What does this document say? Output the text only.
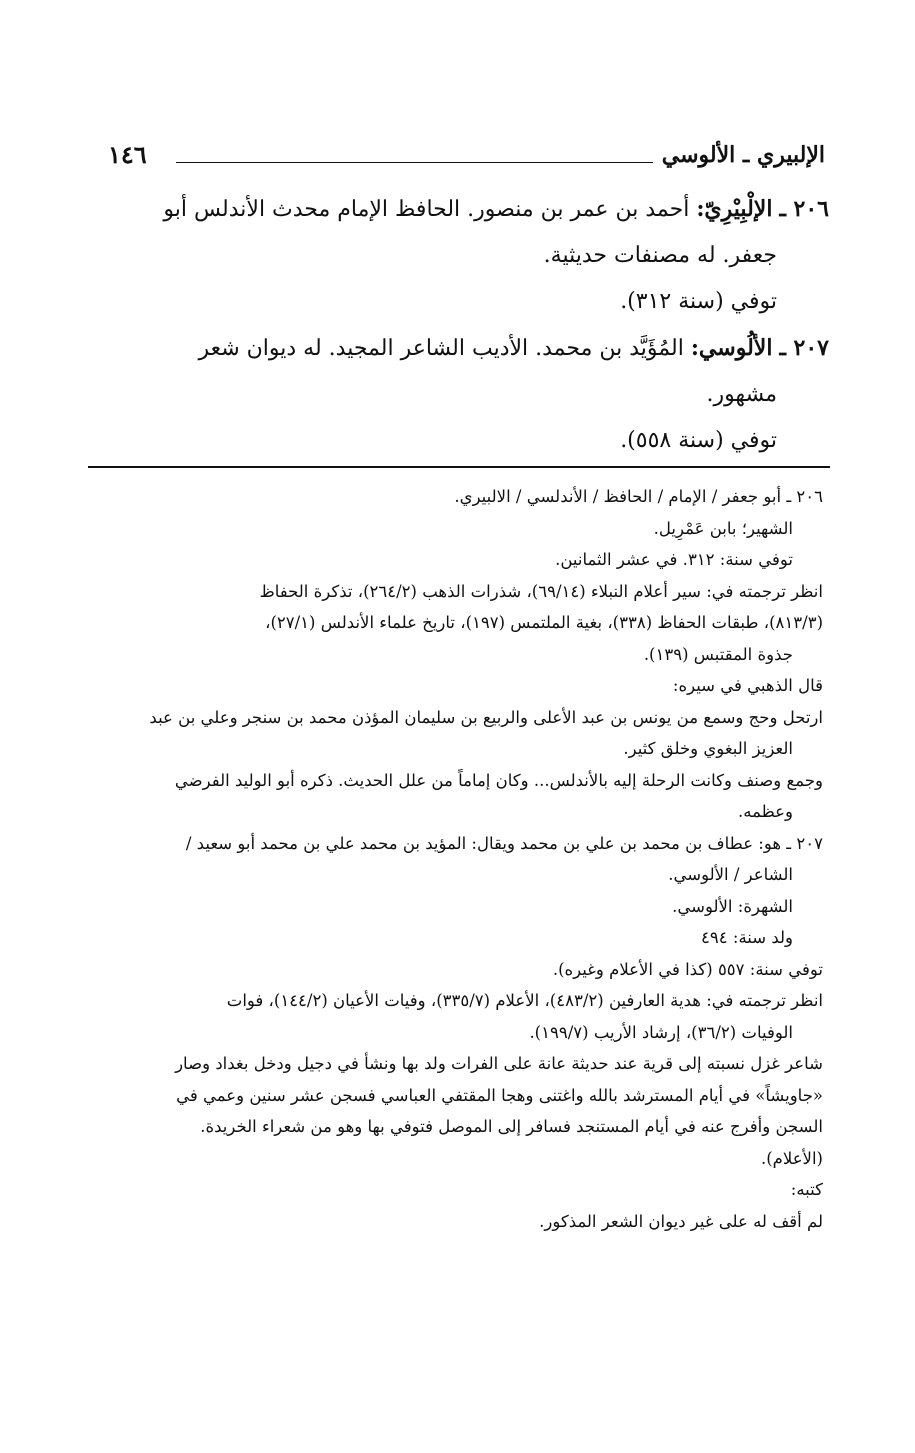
الإلبيري ـ الألوسي
١٤٦

٢٠٦ ـ الإلْبِيْرِيّ: أحمد بن عمر بن منصور. الحافظ الإمام محدث الأندلس أبو

جعفر. له مصنفات حديثية.

توفي (سنة ٣١٢).

٢٠٧ ـ الألُوسي: المُؤَيَّد بن محمد. الأديب الشاعر المجيد. له ديوان شعر

مشهور.

توفي (سنة ٥٥٨).

٢٠٦ ـ أبو جعفر / الإمام / الحافظ / الأندلسي / الالبيري.

الشهير؛ بابن عَمْرِيل.

توفي سنة: ٣١٢. في عشر الثمانين.

انظر ترجمته في: سير أعلام النبلاء (٦٩/١٤)، شذرات الذهب (٢٦٤/٢)، تذكرة الحفاظ

(٨١٣/٣)، طبقات الحفاظ (٣٣٨)، بغية الملتمس (١٩٧)، تاريخ علماء الأندلس (٢٧/١)،

جذوة المقتبس (١٣٩).

قال الذهبي في سيره:

ارتحل وحج وسمع من يونس بن عبد الأعلى والربيع بن سليمان المؤذن محمد بن سنجر وعلي بن عبد

العزيز البغوي وخلق كثير.

وجمع وصنف وكانت الرحلة إليه بالأندلس... وكان إماماً من علل الحديث. ذكره أبو الوليد الفرضي

وعظمه.

٢٠٧ ـ هو: عطاف بن محمد بن علي بن محمد ويقال: المؤيد بن محمد علي بن محمد أبو سعيد /

الشاعر / الألوسي.

الشهرة: الألوسي.

ولد سنة: ٤٩٤

توفي سنة: ٥٥٧ (كذا في الأعلام وغيره).

انظر ترجمته في: هدية العارفين (٤٨٣/٢)، الأعلام (٣٣٥/٧)، وفيات الأعيان (١٤٤/٢)، فوات

الوفيات (٣٦/٢)، إرشاد الأريب (١٩٩/٧).

شاعر غزل نسبته إلى قرية عند حديثة عانة على الفرات ولد بها ونشأ في دجيل ودخل بغداد وصار

«جاويشاً» في أيام المسترشد بالله واغتنى وهجا المقتفي العباسي فسجن عشر سنين وعمي في

السجن وأفرج عنه في أيام المستنجد فسافر إلى الموصل فتوفي بها وهو من شعراء الخريدة.

(الأعلام).

كتبه:

لم أقف له على غير ديوان الشعر المذكور.
